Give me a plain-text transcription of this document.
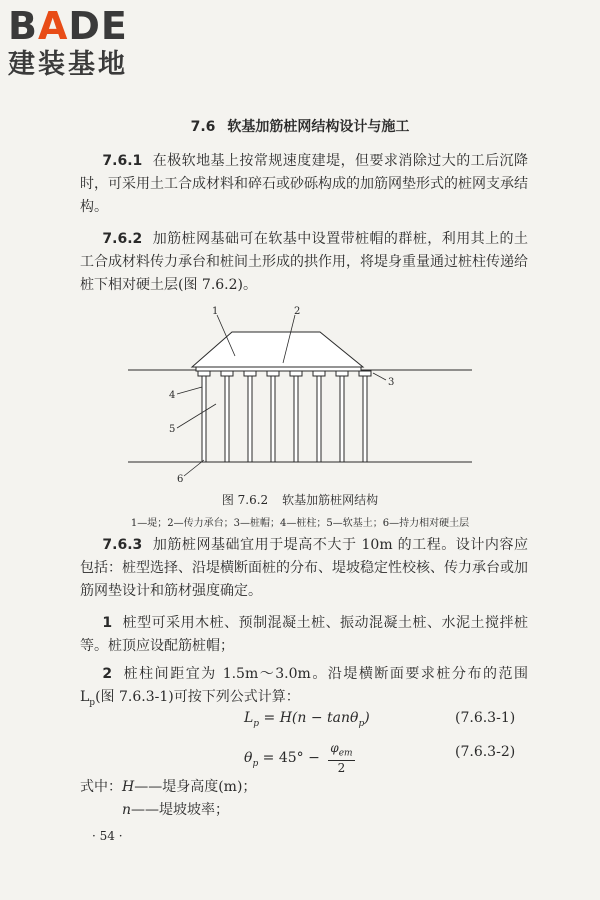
BADE
建装基地
7.6 软基加筋桩网结构设计与施工
7.6.1 在极软地基上按常规速度建堤，但要求消除过大的工后沉降时，可采用土工合成材料和碎石或砂砾构成的加筋网垫形式的桩网支承结构。
7.6.2 加筋桩网基础可在软基中设置带桩帽的群桩，利用其上的土工合成材料传力承台和桩间土形成的拱作用，将堤身重量通过桩柱传递给桩下相对硬土层(图 7.6.2)。
1	2
3
4
5
6
图 7.6.2 软基加筋桩网结构
1—堤；2—传力承台；3—桩帽；4—桩柱；5—软基土；6—持力相对硬土层
7.6.3 加筋桩网基础宜用于堤高不大于 10m 的工程。设计内容应包括：桩型选择、沿堤横断面桩的分布、堤坡稳定性校核、传力承台或加筋网垫设计和筋材强度确定。
1 桩型可采用木桩、预制混凝土桩、振动混凝土桩、水泥土搅拌桩等。桩顶应设配筋桩帽；
2 桩柱间距宜为 1.5m～3.0m。沿堤横断面要求桩分布的范围 $L_p$(图 7.6.3-1)可按下列公式计算：
$L_p = H(n - \tan\theta_p)$	(7.6.3-1)
$\theta_p = 45^\circ - \frac{\varphi_{em}}{2}$	(7.6.3-2)
式中：H——堤身高度(m)；
n——堤坡坡率；
· 54 ·
